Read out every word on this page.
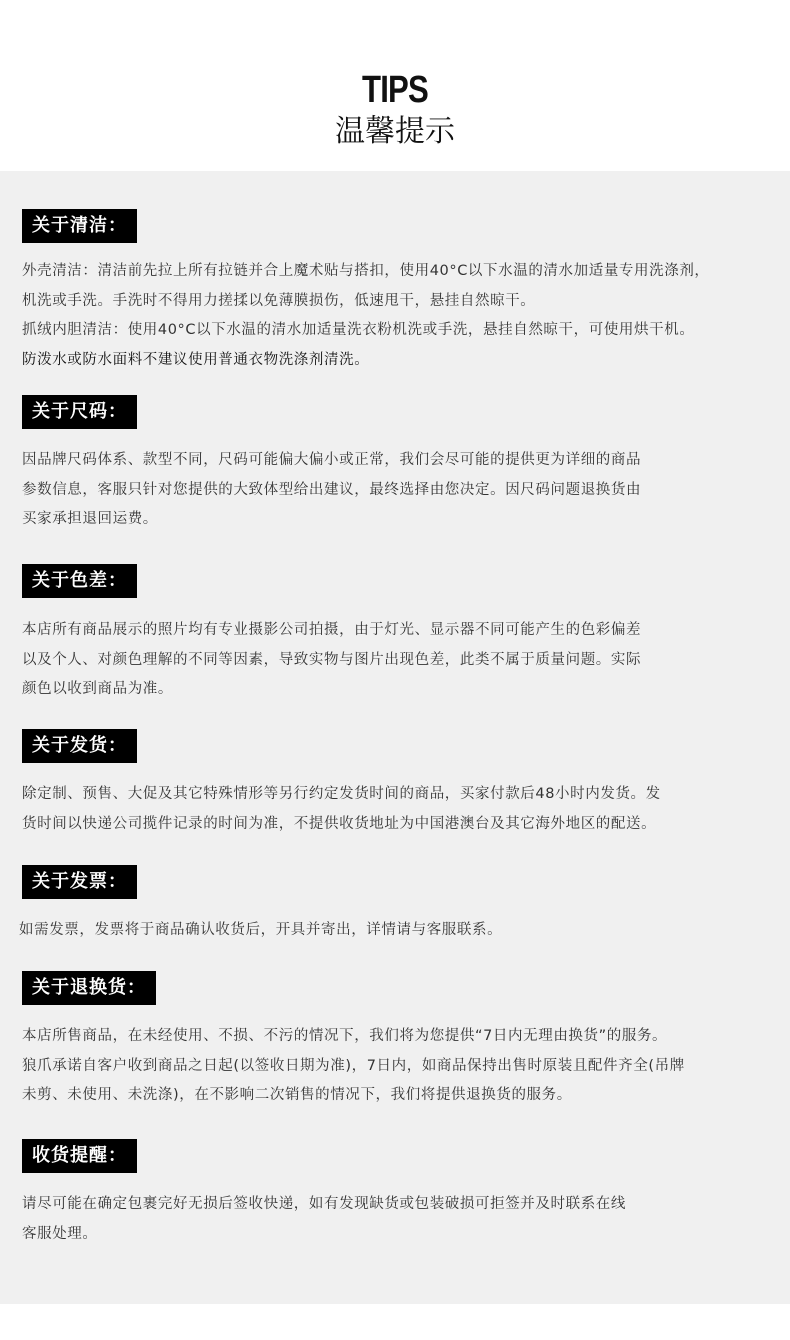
TIPS
温馨提示
关于清洁：
外壳清洁：清洁前先拉上所有拉链并合上魔术贴与搭扣，使用40°C以下水温的清水加适量专用洗涤剂，
机洗或手洗。手洗时不得用力搓揉以免薄膜损伤，低速甩干，悬挂自然晾干。
抓绒内胆清洁：使用40°C以下水温的清水加适量洗衣粉机洗或手洗，悬挂自然晾干，可使用烘干机。
防泼水或防水面料不建议使用普通衣物洗涤剂清洗。
关于尺码：
因品牌尺码体系、款型不同，尺码可能偏大偏小或正常，我们会尽可能的提供更为详细的商品
参数信息，客服只针对您提供的大致体型给出建议，最终选择由您决定。因尺码问题退换货由
买家承担退回运费。
关于色差：
本店所有商品展示的照片均有专业摄影公司拍摄，由于灯光、显示器不同可能产生的色彩偏差
以及个人、对颜色理解的不同等因素，导致实物与图片出现色差，此类不属于质量问题。实际
颜色以收到商品为准。
关于发货：
除定制、预售、大促及其它特殊情形等另行约定发货时间的商品，买家付款后48小时内发货。发
货时间以快递公司揽件记录的时间为准，不提供收货地址为中国港澳台及其它海外地区的配送。
关于发票：
如需发票，发票将于商品确认收货后，开具并寄出，详情请与客服联系。
关于退换货：
本店所售商品，在未经使用、不损、不污的情况下，我们将为您提供“7日内无理由换货”的服务。
狼爪承诺自客户收到商品之日起(以签收日期为准)，7日内，如商品保持出售时原装且配件齐全(吊牌
未剪、未使用、未洗涤)，在不影响二次销售的情况下，我们将提供退换货的服务。
收货提醒：
请尽可能在确定包裹完好无损后签收快递，如有发现缺货或包装破损可拒签并及时联系在线
客服处理。
